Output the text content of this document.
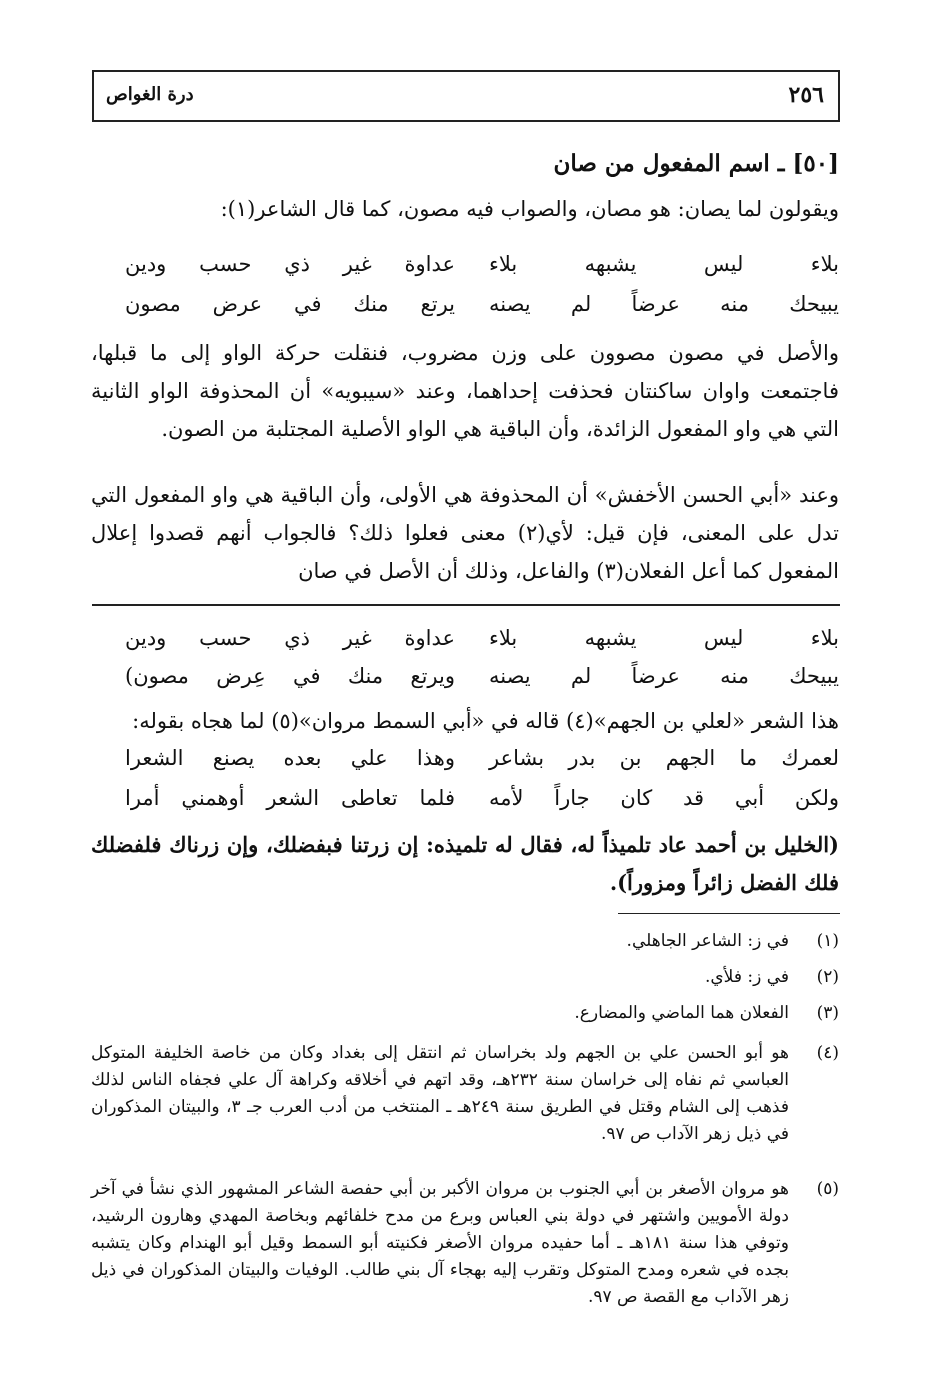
٢٥٦
درة الغواص
[٥٠] ـ اسم المفعول من صان
ويقولون لما يصان: هو مصان، والصواب فيه مصون، كما قال الشاعر(١):
بلاء ليس يشبهه بلاء
عداوة غير ذي حسب ودين
يبيحك منه عرضاً لم يصنه
يرتع منك في عرض مصون
والأصل في مصون مصوون على وزن مضروب، فنقلت حركة الواو إلى ما قبلها، فاجتمعت واوان ساكنتان فحذفت إحداهما، وعند «سيبويه» أن المحذوفة الواو الثانية التي هي واو المفعول الزائدة، وأن الباقية هي الواو الأصلية المجتلبة من الصون.
وعند «أبي الحسن الأخفش» أن المحذوفة هي الأولى، وأن الباقية هي واو المفعول التي تدل على المعنى، فإن قيل: لأي(٢) معنى فعلوا ذلك؟ فالجواب أنهم قصدوا إعلال المفعول كما أعل الفعلان(٣) والفاعل، وذلك أن الأصل في صان
بلاء ليس يشبهه بلاء
عداوة غير ذي حسب ودين
يبيحك منه عرضاً لم يصنه
ويرتع منك في عِرض مصون)
هذا الشعر «لعلي بن الجهم»(٤) قاله في «أبي السمط مروان»(٥) لما هجاه بقوله:
لعمرك ما الجهم بن بدر بشاعر
وهذا علي بعده يصنع الشعرا
ولكن أبي قد كان جاراً لأمه
فلما تعاطى الشعر أوهمني أمرا
(الخليل بن أحمد عاد تلميذاً له، فقال له تلميذه: إن زرتنا فبفضلك، وإن زرناك فلفضلك فلك الفضل زائراً ومزوراً).
(١)
في ز: الشاعر الجاهلي.
(٢)
في ز: فلأي.
(٣)
الفعلان هما الماضي والمضارع.
(٤)
هو أبو الحسن علي بن الجهم ولد بخراسان ثم انتقل إلى بغداد وكان من خاصة الخليفة المتوكل العباسي ثم نفاه إلى خراسان سنة ٢٣٢هـ، وقد اتهم في أخلاقه وكراهة آل علي فجفاه الناس لذلك فذهب إلى الشام وقتل في الطريق سنة ٢٤٩هـ ـ المنتخب من أدب العرب جـ ٣، والبيتان المذكوران في ذيل زهر الآداب ص ٩٧.
(٥)
هو مروان الأصغر بن أبي الجنوب بن مروان الأكبر بن أبي حفصة الشاعر المشهور الذي نشأ في آخر دولة الأمويين واشتهر في دولة بني العباس وبرع من مدح خلفائهم وبخاصة المهدي وهارون الرشيد، وتوفي هذا سنة ١٨١هـ ـ أما حفيده مروان الأصغر فكنيته أبو السمط وقيل أبو الهندام وكان يتشبه بجده في شعره ومدح المتوكل وتقرب إليه بهجاء آل بني طالب. الوفيات والبيتان المذكوران في ذيل زهر الآداب مع القصة ص ٩٧.
